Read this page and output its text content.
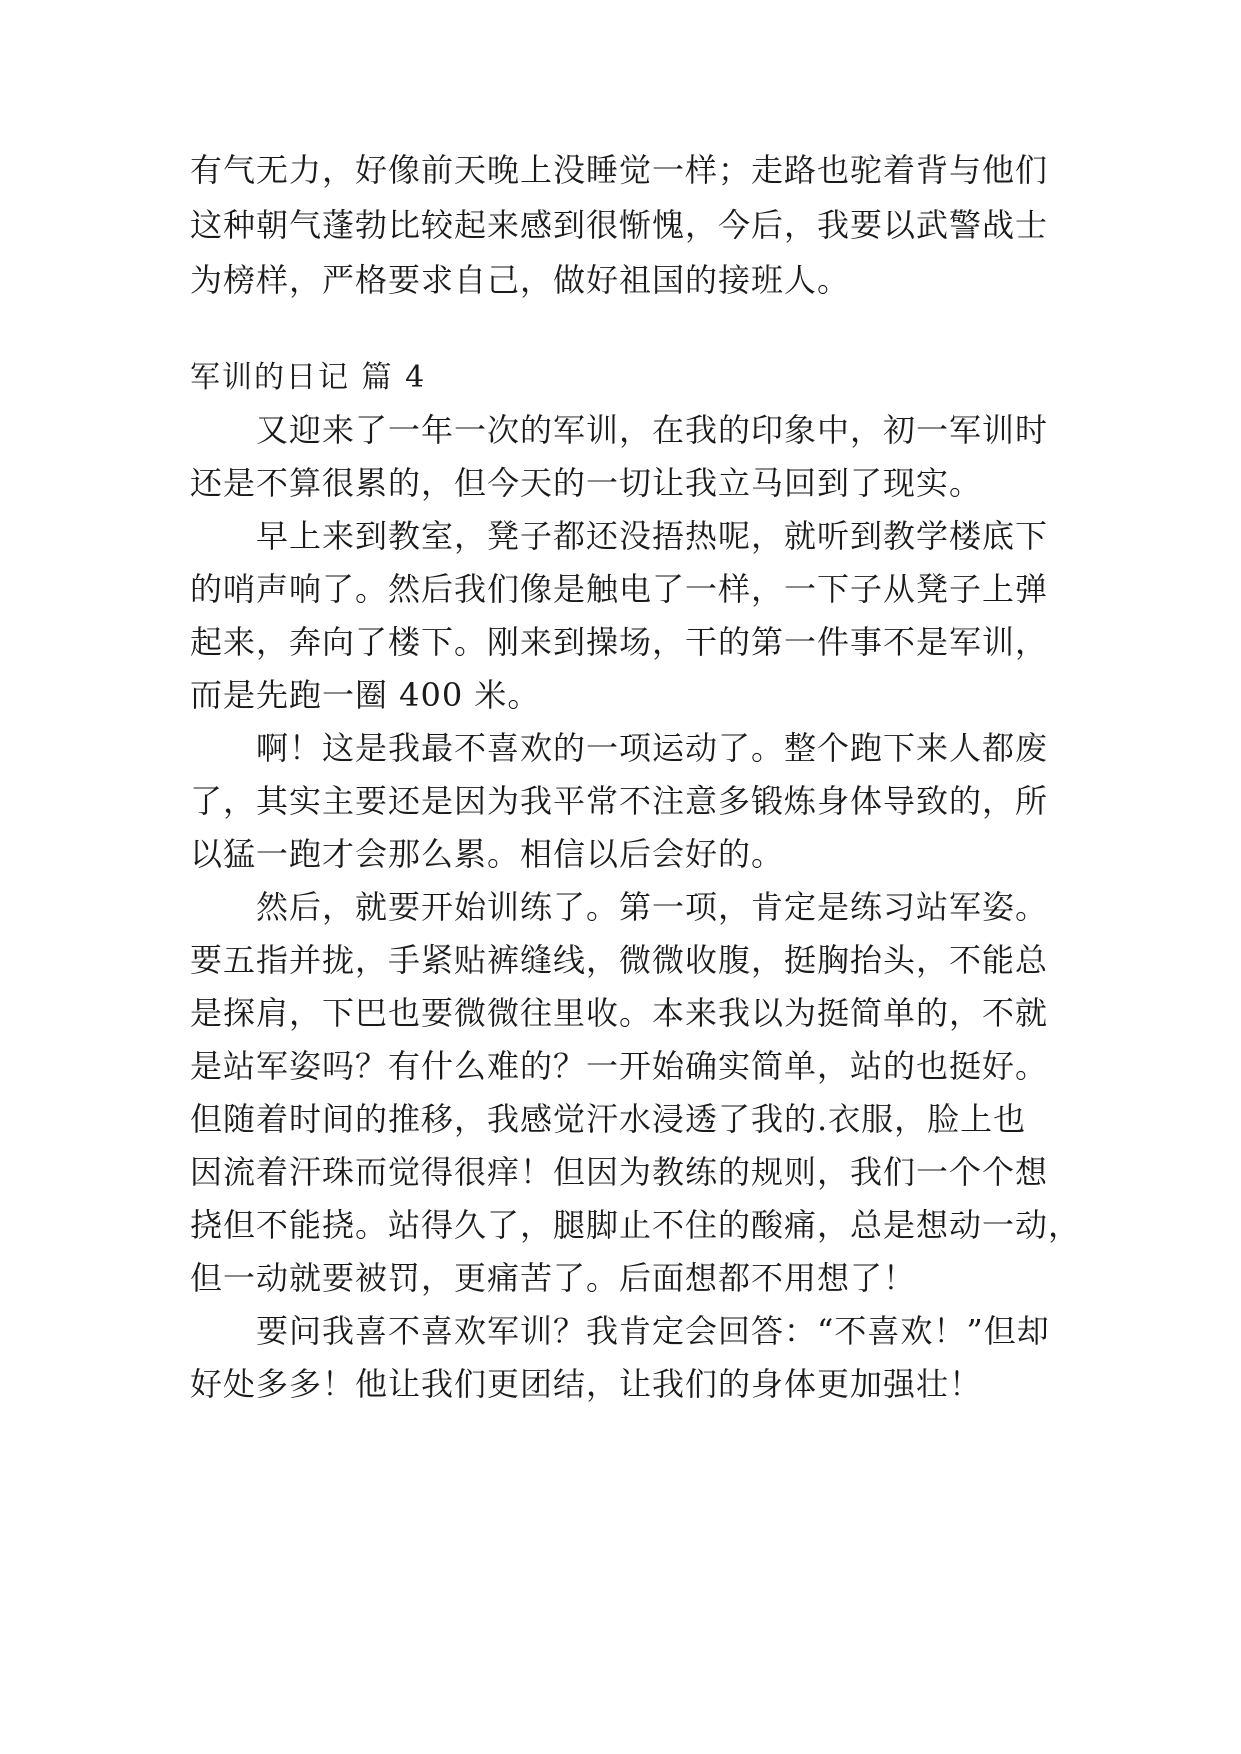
有气无力，好像前天晚上没睡觉一样；走路也驼着背与他们
这种朝气蓬勃比较起来感到很惭愧，今后，我要以武警战士
为榜样，严格要求自己，做好祖国的接班人。
军训的日记 篇 4
　　又迎来了一年一次的军训，在我的印象中，初一军训时
还是不算很累的，但今天的一切让我立马回到了现实。
　　早上来到教室，凳子都还没捂热呢，就听到教学楼底下
的哨声响了。然后我们像是触电了一样，一下子从凳子上弹
起来，奔向了楼下。刚来到操场，干的第一件事不是军训，
而是先跑一圈 400 米。
　　啊！这是我最不喜欢的一项运动了。整个跑下来人都废
了，其实主要还是因为我平常不注意多锻炼身体导致的，所
以猛一跑才会那么累。相信以后会好的。
　　然后，就要开始训练了。第一项，肯定是练习站军姿。
要五指并拢，手紧贴裤缝线，微微收腹，挺胸抬头，不能总
是探肩，下巴也要微微往里收。本来我以为挺简单的，不就
是站军姿吗？有什么难的？一开始确实简单，站的也挺好。
但随着时间的推移，我感觉汗水浸透了我的.衣服，脸上也
因流着汗珠而觉得很痒！但因为教练的规则，我们一个个想
挠但不能挠。站得久了，腿脚止不住的酸痛，总是想动一动，
但一动就要被罚，更痛苦了。后面想都不用想了！
　　要问我喜不喜欢军训？我肯定会回答：“不喜欢！”但却
好处多多！他让我们更团结，让我们的身体更加强壮！
